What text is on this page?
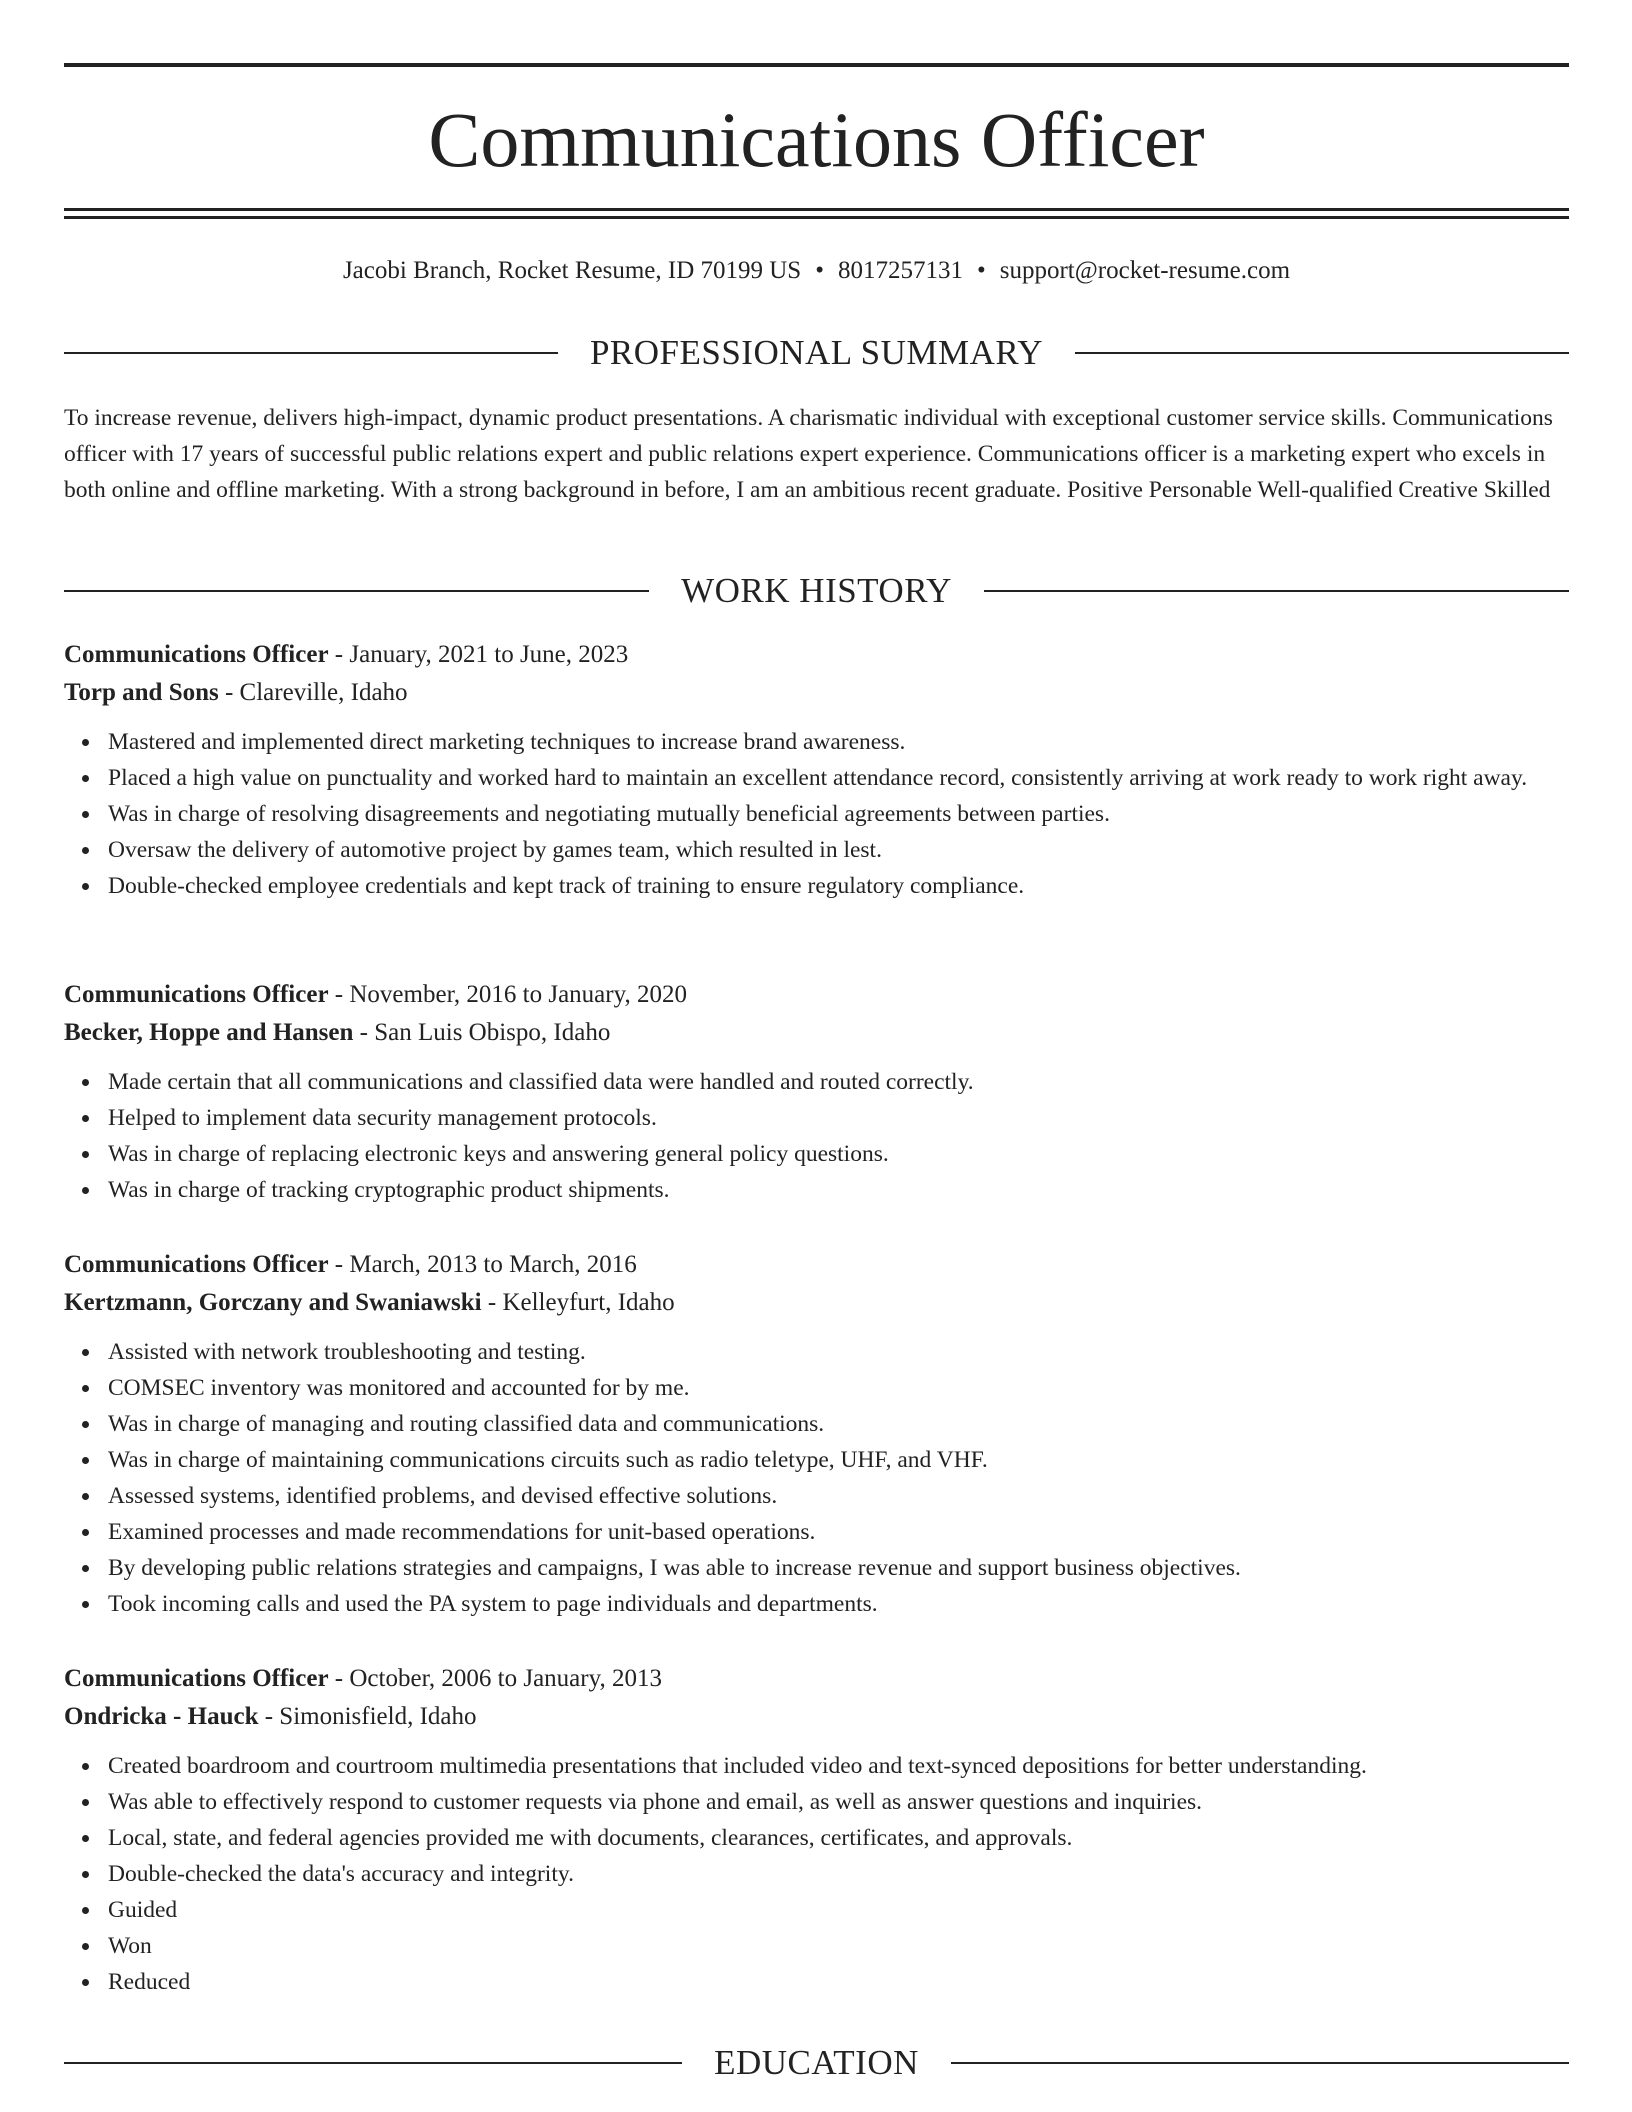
Communications Officer
Jacobi Branch, Rocket Resume, ID 70199 US • 8017257131 • support@rocket-resume.com
PROFESSIONAL SUMMARY

To increase revenue, delivers high-impact, dynamic product presentations. A charismatic individual with exceptional customer service skills. Communications officer with 17 years of successful public relations expert and public relations expert experience. Communications officer is a marketing expert who excels in both online and offline marketing. With a strong background in before, I am an ambitious recent graduate. Positive Personable Well-qualified Creative Skilled

WORK HISTORY
Communications Officer - January, 2021 to June, 2023
Torp and Sons - Clareville, Idaho
Mastered and implemented direct marketing techniques to increase brand awareness.
Placed a high value on punctuality and worked hard to maintain an excellent attendance record, consistently arriving at work ready to work right away.
Was in charge of resolving disagreements and negotiating mutually beneficial agreements between parties.
Oversaw the delivery of automotive project by games team, which resulted in lest.
Double-checked employee credentials and kept track of training to ensure regulatory compliance.
Communications Officer - November, 2016 to January, 2020
Becker, Hoppe and Hansen - San Luis Obispo, Idaho
Made certain that all communications and classified data were handled and routed correctly.
Helped to implement data security management protocols.
Was in charge of replacing electronic keys and answering general policy questions.
Was in charge of tracking cryptographic product shipments.
Communications Officer - March, 2013 to March, 2016
Kertzmann, Gorczany and Swaniawski - Kelleyfurt, Idaho
Assisted with network troubleshooting and testing.
COMSEC inventory was monitored and accounted for by me.
Was in charge of managing and routing classified data and communications.
Was in charge of maintaining communications circuits such as radio teletype, UHF, and VHF.
Assessed systems, identified problems, and devised effective solutions.
Examined processes and made recommendations for unit-based operations.
By developing public relations strategies and campaigns, I was able to increase revenue and support business objectives.
Took incoming calls and used the PA system to page individuals and departments.
Communications Officer - October, 2006 to January, 2013
Ondricka - Hauck - Simonisfield, Idaho
Created boardroom and courtroom multimedia presentations that included video and text-synced depositions for better understanding.
Was able to effectively respond to customer requests via phone and email, as well as answer questions and inquiries.
Local, state, and federal agencies provided me with documents, clearances, certificates, and approvals.
Double-checked the data's accuracy and integrity.
Guided
Won
Reduced
EDUCATION
